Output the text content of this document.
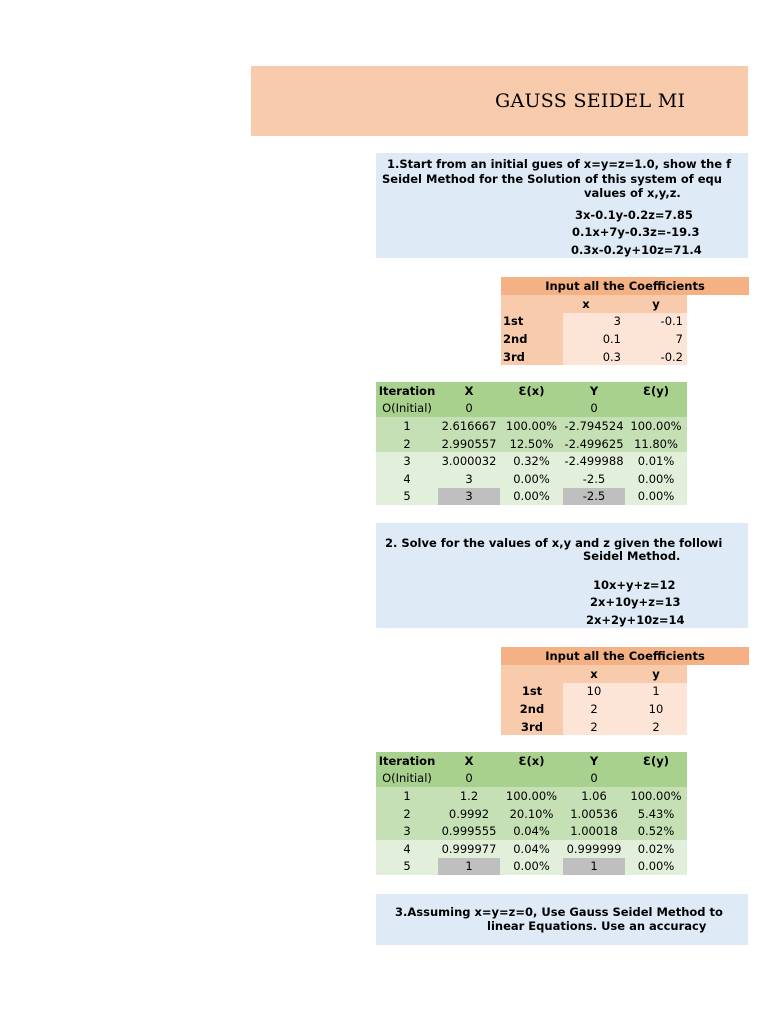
GAUSS SEIDEL MI
1.Start from an initial gues of x=y=z=1.0, show the f
Seidel Method for the Solution of this system of equ
values of x,y,z.
3x-0.1y-0.2z=7.85
0.1x+7y-0.3z=-19.3
0.3x-0.2y+10z=71.4
Input all the Coefficients			
	x	y	
1st	3	-0.1	
2nd	0.1	7	
3rd	0.3	-0.2	
Iteration	X	Ɛ(x)	Y	Ɛ(y)
O(Initial)	0		0	
1	2.616667	100.00%	-2.794524	100.00%
2	2.990557	12.50%	-2.499625	11.80%
3	3.000032	0.32%	-2.499988	0.01%
4	3	0.00%	-2.5	0.00%
5	3	0.00%	-2.5	0.00%
2. Solve for the values of x,y and z given the followi
Seidel Method.
10x+y+z=12
2x+10y+z=13
2x+2y+10z=14
Input all the Coefficients			
	x	y	
1st	10	1	
2nd	2	10	
3rd	2	2	
Iteration	X	Ɛ(x)	Y	Ɛ(y)
O(Initial)	0		0	
1	1.2	100.00%	1.06	100.00%
2	0.9992	20.10%	1.00536	5.43%
3	0.999555	0.04%	1.00018	0.52%
4	0.999977	0.04%	0.999999	0.02%
5	1	0.00%	1	0.00%
3.Assuming x=y=z=0, Use Gauss Seidel Method to
linear Equations. Use an accuracy
